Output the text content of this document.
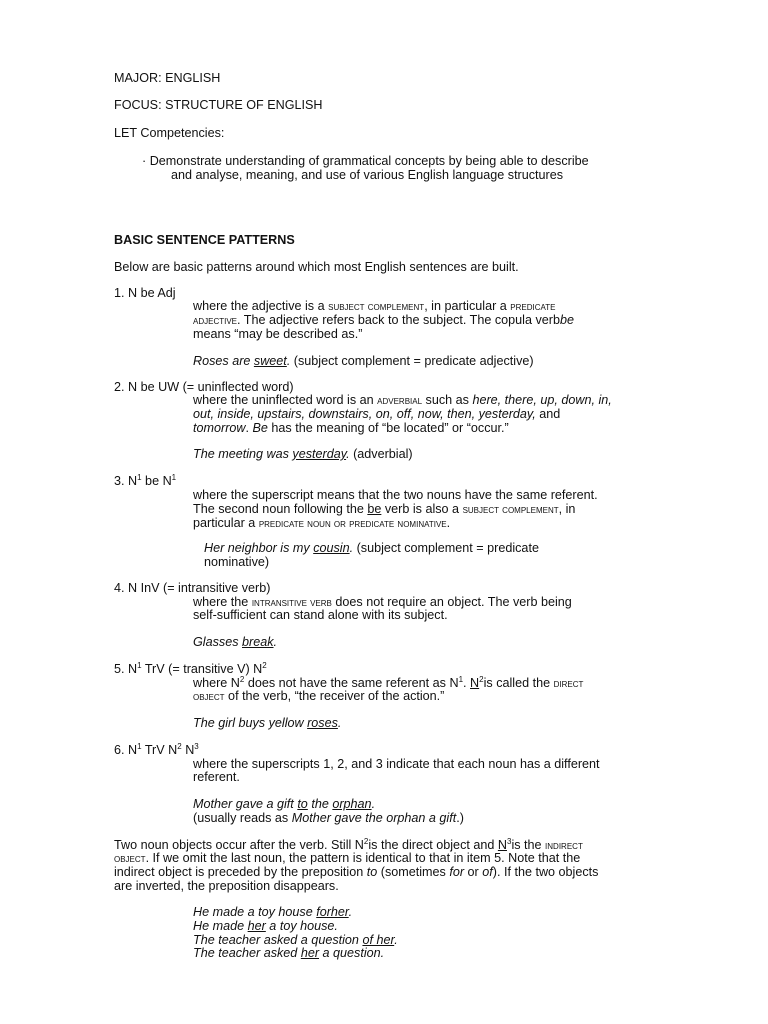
MAJOR: ENGLISH

FOCUS: STRUCTURE OF ENGLISH

LET Competencies:

· Demonstrate understanding of grammatical concepts by being able to describe

and analyse, meaning, and use of various English language structures

BASIC SENTENCE PATTERNS

Below are basic patterns around which most English sentences are built.

1. N be Adj

where the adjective is a subject complement, in particular a predicate

adjective. The adjective refers back to the subject. The copula verbbe

means “may be described as.”

Roses are sweet. (subject complement = predicate adjective)

2. N be UW (= uninflected word)

where the uninflected word is an adverbial such as here, there, up, down, in,

out, inside, upstairs, downstairs, on, off, now, then, yesterday, and

tomorrow. Be has the meaning of “be located” or “occur.”

The meeting was yesterday. (adverbial)

3. $N^1$ be $N^1$

where the superscript means that the two nouns have the same referent.

The second noun following the be verb is also a subject complement, in

particular a predicate noun or predicate nominative.

Her neighbor is my cousin. (subject complement = predicate

nominative)

4. N InV (= intransitive verb)

where the intransitive verb does not require an object. The verb being

self-sufficient can stand alone with its subject.

Glasses break.

5. $N^1$ TrV (= transitive V) $N^2$

where $N^2$ does not have the same referent as $N^1$. $N^2is$ called the direct

object of the verb, “the receiver of the action.”

The girl buys yellow roses.

6. $N^1$ TrV $N^2$ $N^3$

where the superscripts 1, 2, and 3 indicate that each noun has a different

referent.

Mother gave a gift to the orphan.

(usually reads as Mother gave the orphan a gift.)

Two noun objects occur after the verb. Still $N^2is$ the direct object and $N^3is$ the indirect

object. If we omit the last noun, the pattern is identical to that in item 5. Note that the

indirect object is preceded by the preposition to (sometimes for or of). If the two objects

are inverted, the preposition disappears.

He made a toy house forher.

He made her a toy house.

The teacher asked a question of her.

The teacher asked her a question.
